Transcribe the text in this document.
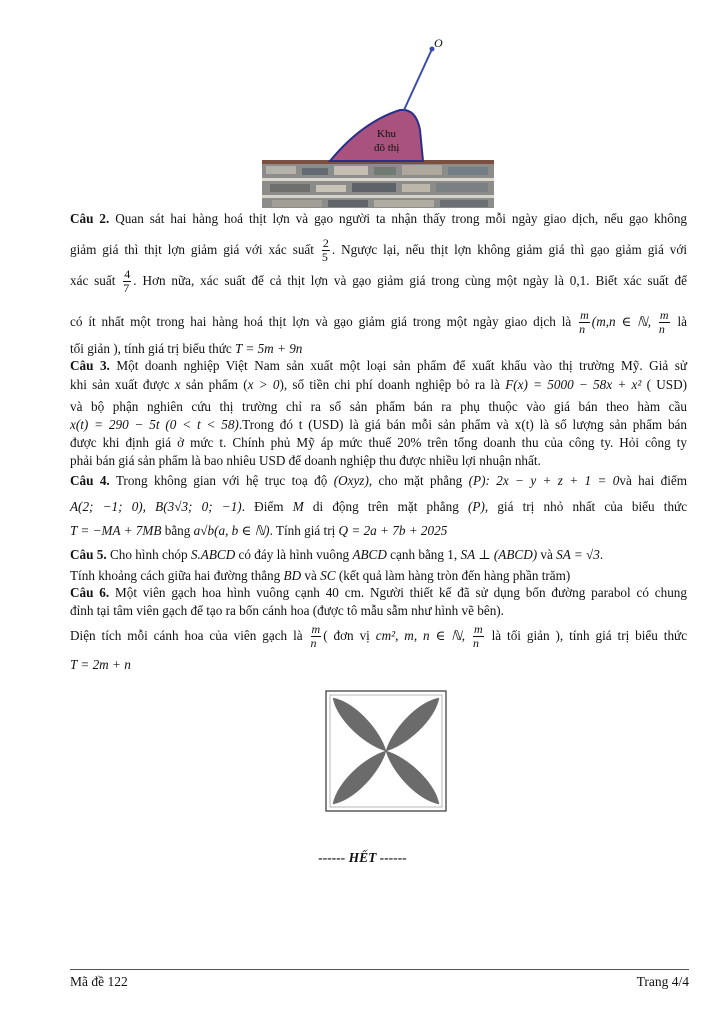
O
Khu
đô thị
Câu 2. Quan sát hai hàng hoá thịt lợn và gạo người ta nhận thấy trong mỗi ngày giao dịch, nếu gạo không
giảm giá thì thịt lợn giảm giá với xác suất $\frac{2}{5}$ . Ngược lại, nếu thịt lợn không giảm giá thì gạo giảm giá với
xác suất $\frac{4}{7}$ . Hơn nữa, xác suất để cả thịt lợn và gạo giảm giá trong cùng một ngày là 0,1. Biết xác suất để
có ít nhất một trong hai hàng hoá thịt lợn và gạo giảm giá trong một ngày giao dịch là $\frac{m}{n} (m,n$ ∈ ℕ, $\frac{m}{n}$ là
tối giản ), tính giá trị biểu thức T = 5m + 9n
Câu 3. Một doanh nghiệp Việt Nam sản xuất một loại sản phẩm để xuất khẩu vào thị trường Mỹ. Giả sử
khi sản xuất được x sản phẩm (x > 0), số tiền chi phí doanh nghiệp bỏ ra là F(x) = 5000 − 58x + x² ( USD)
và bộ phận nghiên cứu thị trường chỉ ra số sản phẩm bán ra phụ thuộc vào giá bán theo hàm cầu
x(t) = 290 − 5t (0 < t < 58).Trong đó t (USD) là giá bán mỗi sản phẩm và x(t) là số lượng sản phẩm bán
được khi định giá ở mức t. Chính phủ Mỹ áp mức thuế 20% trên tổng doanh thu của công ty. Hỏi công ty
phải bán giá sản phẩm là bao nhiêu USD để doanh nghiệp thu được nhiều lợi nhuận nhất.
Câu 4. Trong không gian với hệ trục toạ độ (Oxyz), cho mặt phẳng (P): 2x − y + z + 1 = 0và hai điểm
A(2; −1; 0), B(3√3; 0; −1). Điểm M di động trên mặt phẳng (P), giá trị nhỏ nhất của biểu thức
T = −MA + 7MB bằng a√b(a, b ∈ ℕ). Tính giá trị Q = 2a + 7b + 2025
Câu 5. Cho hình chóp S.ABCD có đáy là hình vuông ABCD cạnh bằng 1, SA ⊥ (ABCD) và SA = √3.
Tính khoảng cách giữa hai đường thẳng BD và SC (kết quả làm hàng tròn đến hàng phần trăm)
Câu 6. Một viên gạch hoa hình vuông cạnh 40 cm. Người thiết kế đã sử dụng bốn đường parabol có chung
đỉnh tại tâm viên gạch để tạo ra bốn cánh hoa (được tô mẫu sẫm như hình vẽ bên).
Diện tích mỗi cánh hoa của viên gạch là $\frac{m}{n}$ ( đơn vị cm², m, n ∈ ℕ, $\frac{m}{n}$ là tối giản ), tính giá trị biểu thức
T = 2m + n
------ HẾT ------
Mã đề 122	Trang 4/4
